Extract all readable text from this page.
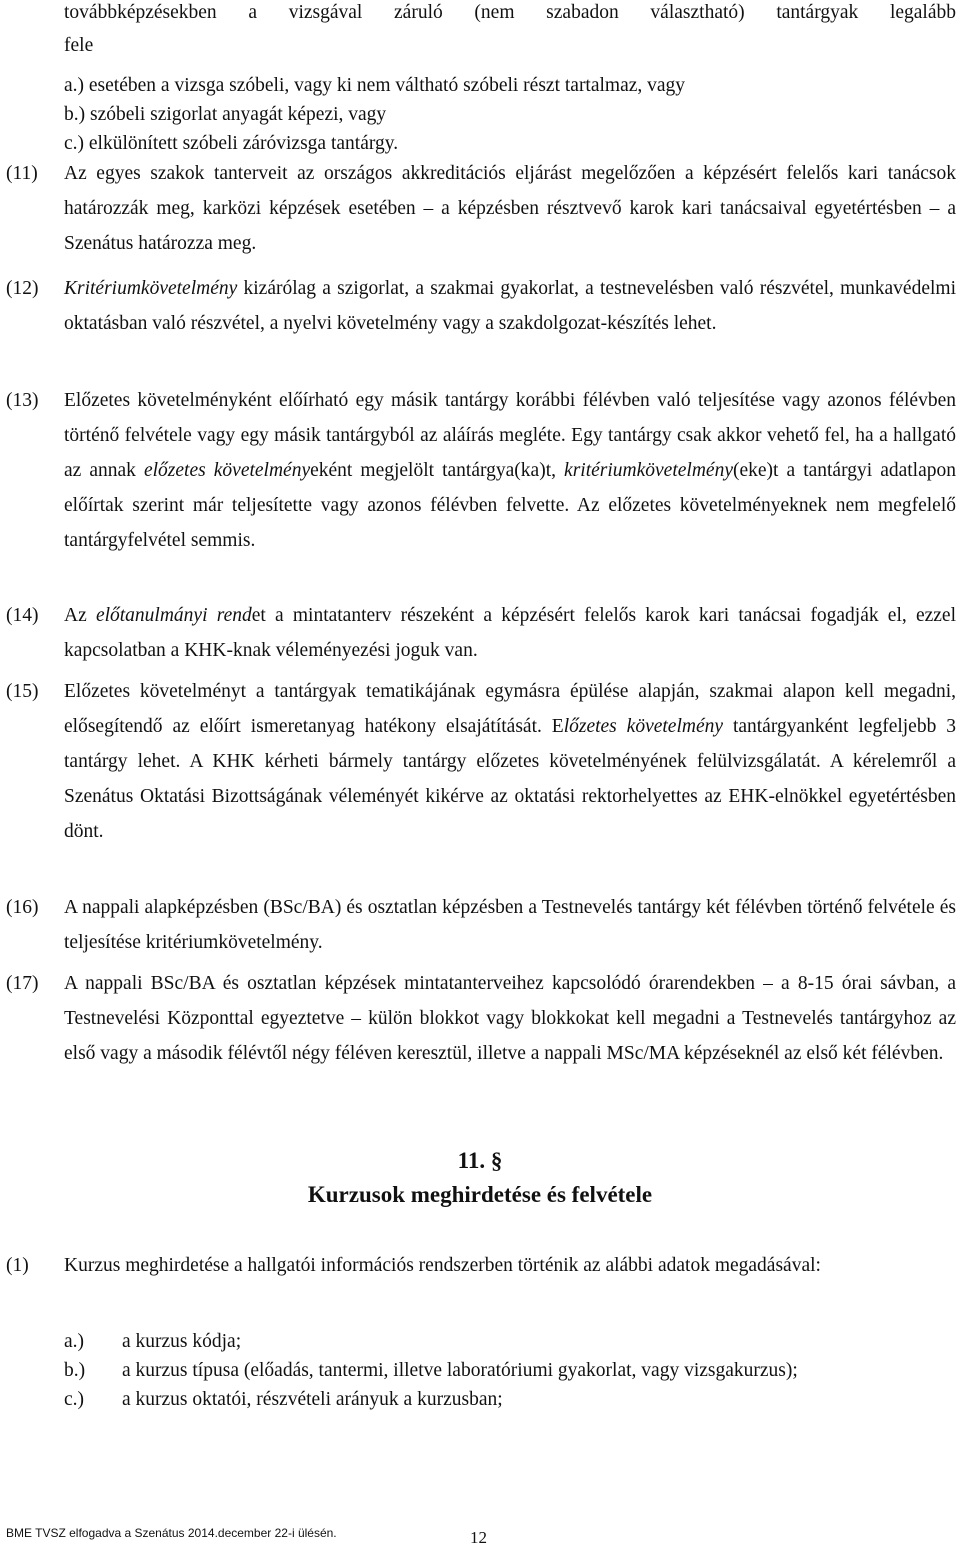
továbbképzésekben a vizsgával záruló (nem szabadon választható) tantárgyak legalább
fele
a.) esetében a vizsga szóbeli, vagy ki nem váltható szóbeli részt tartalmaz, vagy
b.) szóbeli szigorlat anyagát képezi, vagy
c.) elkülönített szóbeli záróvizsga tantárgy.
(11) Az egyes szakok tanterveit az országos akkreditációs eljárást megelőzően a képzésért felelős kari tanácsok határozzák meg, karközi képzések esetében – a képzésben résztvevő karok kari tanácsaival egyetértésben – a Szenátus határozza meg.
(12) Kritériumkövetelmény kizárólag a szigorlat, a szakmai gyakorlat, a testnevelésben való részvétel, munkavédelmi oktatásban való részvétel, a nyelvi követelmény vagy a szakdolgozat-készítés lehet.
(13) Előzetes követelményként előírható egy másik tantárgy korábbi félévben való teljesítése vagy azonos félévben történő felvétele vagy egy másik tantárgyból az aláírás megléte. Egy tantárgy csak akkor vehető fel, ha a hallgató az annak előzetes követelményeként megjelölt tantárgya(ka)t, kritériumkövetelmény(eke)t a tantárgyi adatlapon előírtak szerint már teljesítette vagy azonos félévben felvette. Az előzetes követelményeknek nem megfelelő tantárgyfelvétel semmis.
(14) Az előtanulmányi rendet a mintatanterv részeként a képzésért felelős karok kari tanácsai fogadják el, ezzel kapcsolatban a KHK-knak véleményezési joguk van.
(15) Előzetes követelményt a tantárgyak tematikájának egymásra épülése alapján, szakmai alapon kell megadni, elősegítendő az előírt ismeretanyag hatékony elsajátítását. Előzetes követelmény tantárgyanként legfeljebb 3 tantárgy lehet. A KHK kérheti bármely tantárgy előzetes követelményének felülvizsgálatát. A kérelemről a Szenátus Oktatási Bizottságának véleményét kikérve az oktatási rektorhelyettes az EHK-elnökkel egyetértésben dönt.
(16) A nappali alapképzésben (BSc/BA) és osztatlan képzésben a Testnevelés tantárgy két félévben történő felvétele és teljesítése kritériumkövetelmény.
(17) A nappali BSc/BA és osztatlan képzések mintatanterveihez kapcsolódó órarendekben – a 8-15 órai sávban, a Testnevelési Központtal egyeztetve – külön blokkot vagy blokkokat kell megadni a Testnevelés tantárgyhoz az első vagy a második félévtől négy féléven keresztül, illetve a nappali MSc/MA képzéseknél az első két félévben.
11. §
Kurzusok meghirdetése és felvétele
(1) Kurzus meghirdetése a hallgatói információs rendszerben történik az alábbi adatok megadásával:
a.) a kurzus kódja;
b.) a kurzus típusa (előadás, tantermi, illetve laboratóriumi gyakorlat, vagy vizsgakurzus);
c.) a kurzus oktatói, részvételi arányuk a kurzusban;
BME TVSZ elfogadva a Szenátus 2014.december 22-i ülésén.	12
